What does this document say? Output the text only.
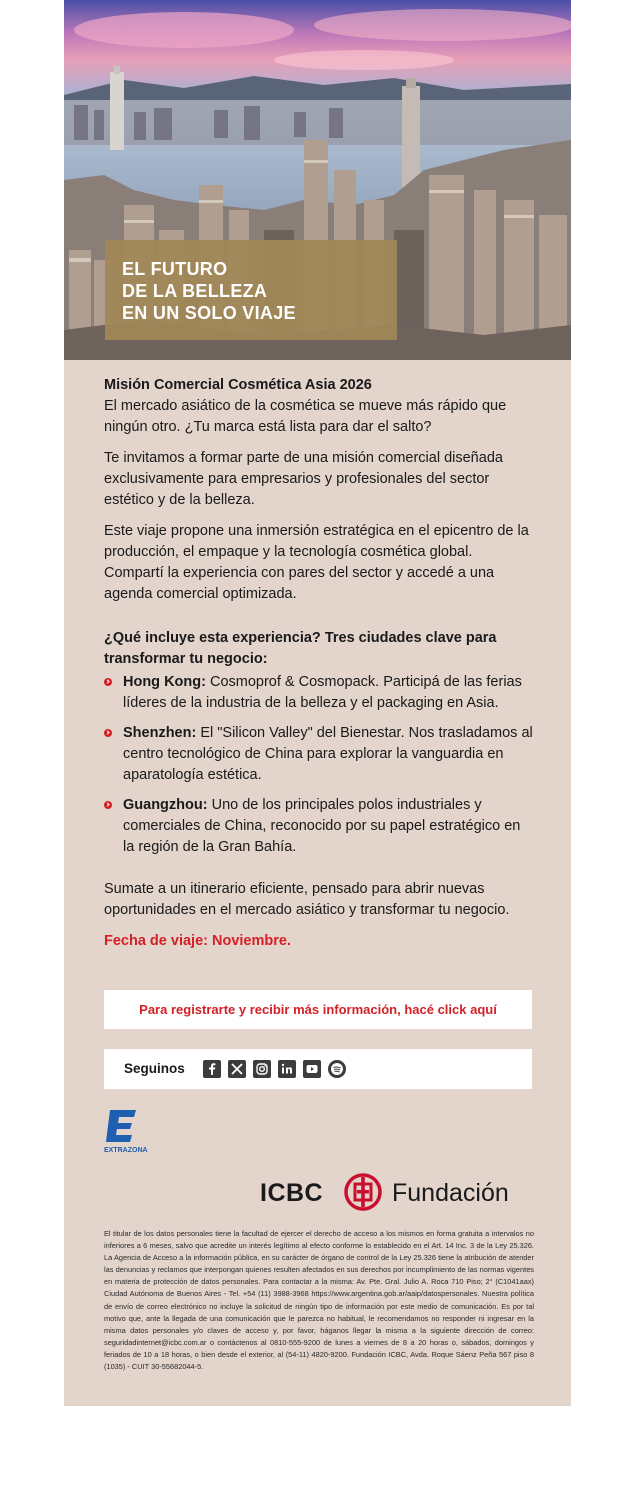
EL FUTURO
DE LA BELLEZA
EN UN SOLO VIAJE
Misión Comercial Cosmética Asia 2026

El mercado asiático de la cosmética se mueve más rápido que ningún otro. ¿Tu marca está lista para dar el salto?

Te invitamos a formar parte de una misión comercial diseñada exclusivamente para empresarios y profesionales del sector estético y de la belleza.

Este viaje propone una inmersión estratégica en el epicentro de la producción, el empaque y la tecnología cosmética global. Compartí la experiencia con pares del sector y accedé a una agenda comercial optimizada.

¿Qué incluye esta experiencia? Tres ciudades clave para transformar tu negocio:
Hong Kong: Cosmoprof & Cosmopack. Participá de las ferias líderes de la industria de la belleza y el packaging en Asia.
Shenzhen: El "Silicon Valley" del Bienestar. Nos trasladamos al centro tecnológico de China para explorar la vanguardia en aparatología estética.
Guangzhou: Uno de los principales polos industriales y comerciales de China, reconocido por su papel estratégico en la región de la Gran Bahía.

Sumate a un itinerario eficiente, pensado para abrir nuevas oportunidades en el mercado asiático y transformar tu negocio.

Fecha de viaje: Noviembre.
Para registrarte y recibir más información, hacé click aquí
Seguinos
EXTRAZONA
ICBC	Fundación
El titular de los datos personales tiene la facultad de ejercer el derecho de acceso a los mismos en forma gratuita a intervalos no inferiores a 6 meses, salvo que acredite un interés legítimo al efecto conforme lo establecido en el Art. 14 Inc. 3 de la Ley 25.326. La Agencia de Acceso a la información pública, en su carácter de órgano de control de la Ley 25.326 tiene la atribución de atender las denuncias y reclamos que interpongan quienes resulten afectados en sus derechos por incumplimiento de las normas vigentes en materia de protección de datos personales. Para contactar a la misma: Av. Pte. Gral. Julio A. Roca 710 Piso; 2° (C1041aax) Ciudad Autónoma de Buenos Aires - Tel. +54 (11) 3988-3968 https://www.argentina.gob.ar/aaip/datospersonales. Nuestra política de envío de correo electrónico no incluye la solicitud de ningún tipo de información por este medio de comunicación. Es por tal motivo que, ante la llegada de una comunicación que le parezca no habitual, le recomendamos no responder ni ingresar en la misma datos personales y/o claves de acceso y, por favor, háganos llegar la misma a la siguiente dirección de correo: seguridadinternet@icbc.com.ar o contáctenos al 0810-555-9200 de lunes a viernes de 8 a 20 horas o, sábados, domingos y feriados de 10 a 18 horas, o bien desde el exterior, al (54-11) 4820-9200. Fundación ICBC, Avda. Roque Sáenz Peña 567 piso 8 (1035) - CUIT 30-55682044-5.
